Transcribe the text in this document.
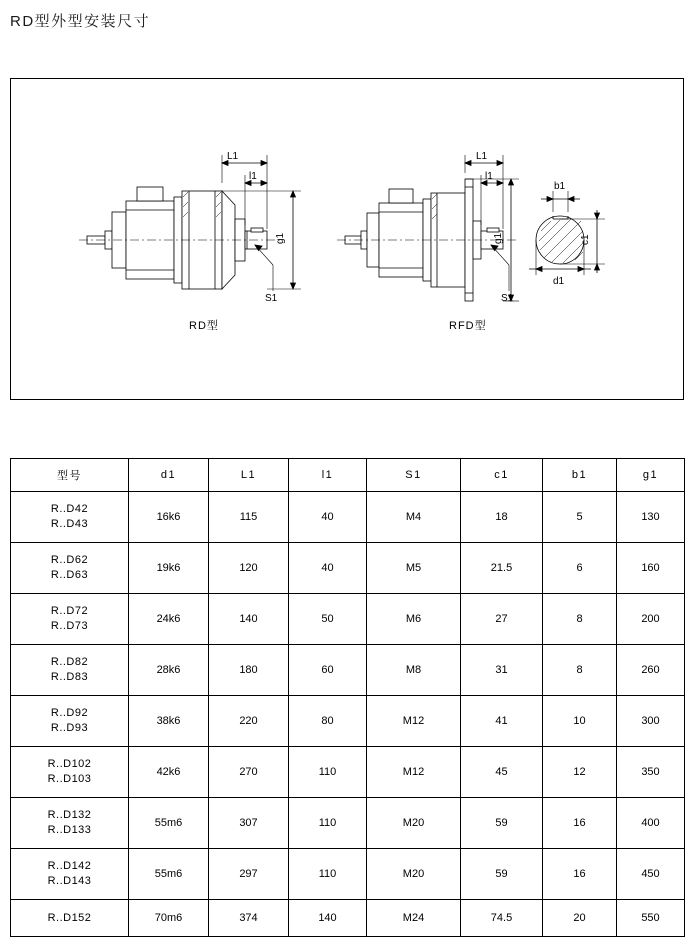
RD型外型安装尺寸
L1
l1
g1
S1
L1
l1
g1
S1
b1
c1
d1
RD型	RFD型
型号	d1	L1	l1	S1	c1	b1	g1

R..D42
R..D43	16k6	115	40	M4	18	5	130

R..D62
R..D63	19k6	120	40	M5	21.5	6	160

R..D72
R..D73	24k6	140	50	M6	27	8	200

R..D82
R..D83	28k6	180	60	M8	31	8	260

R..D92
R..D93	38k6	220	80	M12	41	10	300

R..D102
R..D103	42k6	270	110	M12	45	12	350

R..D132
R..D133	55m6	307	110	M20	59	16	400

R..D142
R..D143	55m6	297	110	M20	59	16	450

R..D152	70m6	374	140	M24	74.5	20	550
